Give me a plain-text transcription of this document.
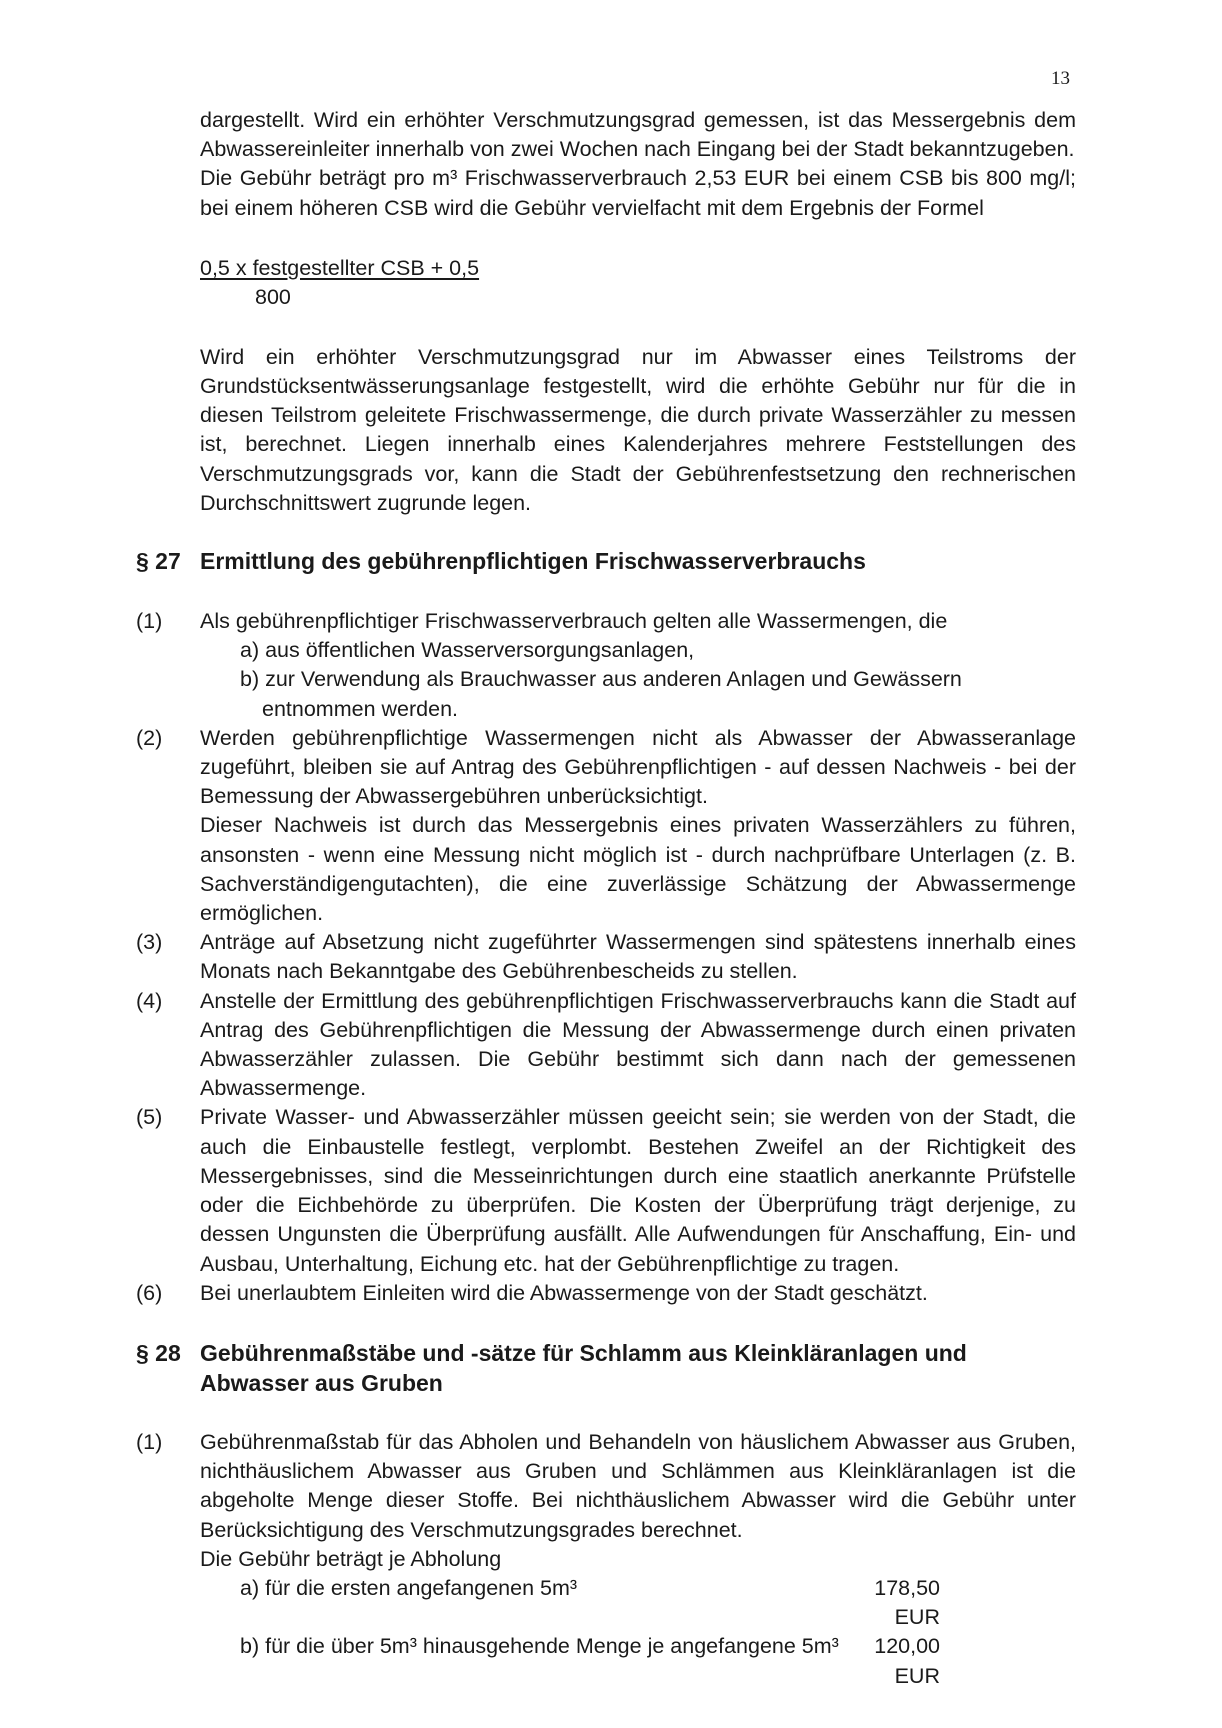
13

dargestellt. Wird ein erhöhter Verschmutzungsgrad gemessen, ist das Messergebnis dem Abwassereinleiter innerhalb von zwei Wochen nach Eingang bei der Stadt bekanntzugeben.

Die Gebühr beträgt pro m³ Frischwasserverbrauch 2,53 EUR bei einem CSB bis 800 mg/l; bei einem höheren CSB wird die Gebühr vervielfacht mit dem Ergebnis der Formel

0,5 x festgestellter CSB + 0,5
800

Wird ein erhöhter Verschmutzungsgrad nur im Abwasser eines Teilstroms der Grundstücksentwässerungsanlage festgestellt, wird die erhöhte Gebühr nur für die in diesen Teilstrom geleitete Frischwassermenge, die durch private Wasserzähler zu messen ist, berechnet. Liegen innerhalb eines Kalenderjahres mehrere Feststellungen des Verschmutzungsgrads vor, kann die Stadt der Gebührenfestsetzung den rechnerischen Durchschnittswert zugrunde legen.

§ 27 Ermittlung des gebührenpflichtigen Frischwasserverbrauchs
(1)	Als gebührenpflichtiger Frischwasserverbrauch gelten alle Wassermengen, die

a) aus öffentlichen Wasserversorgungsanlagen,

b) zur Verwendung als Brauchwasser aus anderen Anlagen und Gewässern

entnommen werden.

(2)	Werden gebührenpflichtige Wassermengen nicht als Abwasser der Abwasseranlage zugeführt, bleiben sie auf Antrag des Gebührenpflichtigen - auf dessen Nachweis - bei der Bemessung der Abwassergebühren unberücksichtigt.

Dieser Nachweis ist durch das Messergebnis eines privaten Wasserzählers zu führen, ansonsten - wenn eine Messung nicht möglich ist - durch nachprüfbare Unterlagen (z. B. Sachverständigengutachten), die eine zuverlässige Schätzung der Abwassermenge ermöglichen.

(3)	Anträge auf Absetzung nicht zugeführter Wassermengen sind spätestens innerhalb eines Monats nach Bekanntgabe des Gebührenbescheids zu stellen.

(4)	Anstelle der Ermittlung des gebührenpflichtigen Frischwasserverbrauchs kann die Stadt auf Antrag des Gebührenpflichtigen die Messung der Abwassermenge durch einen privaten Abwasserzähler zulassen. Die Gebühr bestimmt sich dann nach der gemessenen Abwassermenge.

(5)	Private Wasser- und Abwasserzähler müssen geeicht sein; sie werden von der Stadt, die auch die Einbaustelle festlegt, verplombt. Bestehen Zweifel an der Richtigkeit des Messergebnisses, sind die Messeinrichtungen durch eine staatlich anerkannte Prüfstelle oder die Eichbehörde zu überprüfen. Die Kosten der Überprüfung trägt derjenige, zu dessen Ungunsten die Überprüfung ausfällt. Alle Aufwendungen für Anschaffung, Ein- und Ausbau, Unterhaltung, Eichung etc. hat der Gebührenpflichtige zu tragen.

(6)	Bei unerlaubtem Einleiten wird die Abwassermenge von der Stadt geschätzt.

§ 28 Gebührenmaßstäbe und -sätze für Schlamm aus Kleinkläranlagen und Abwasser aus Gruben
(1)	Gebührenmaßstab für das Abholen und Behandeln von häuslichem Abwasser aus Gruben, nichthäuslichem Abwasser aus Gruben und Schlämmen aus Kleinkläranlagen ist die abgeholte Menge dieser Stoffe. Bei nichthäuslichem Abwasser wird die Gebühr unter Berücksichtigung des Verschmutzungsgrades berechnet.

Die Gebühr beträgt je Abholung

a) für die ersten angefangenen 5m³	178,50 EUR
b) für die über 5m³ hinausgehende Menge je angefangene 5m³	120,00 EUR
